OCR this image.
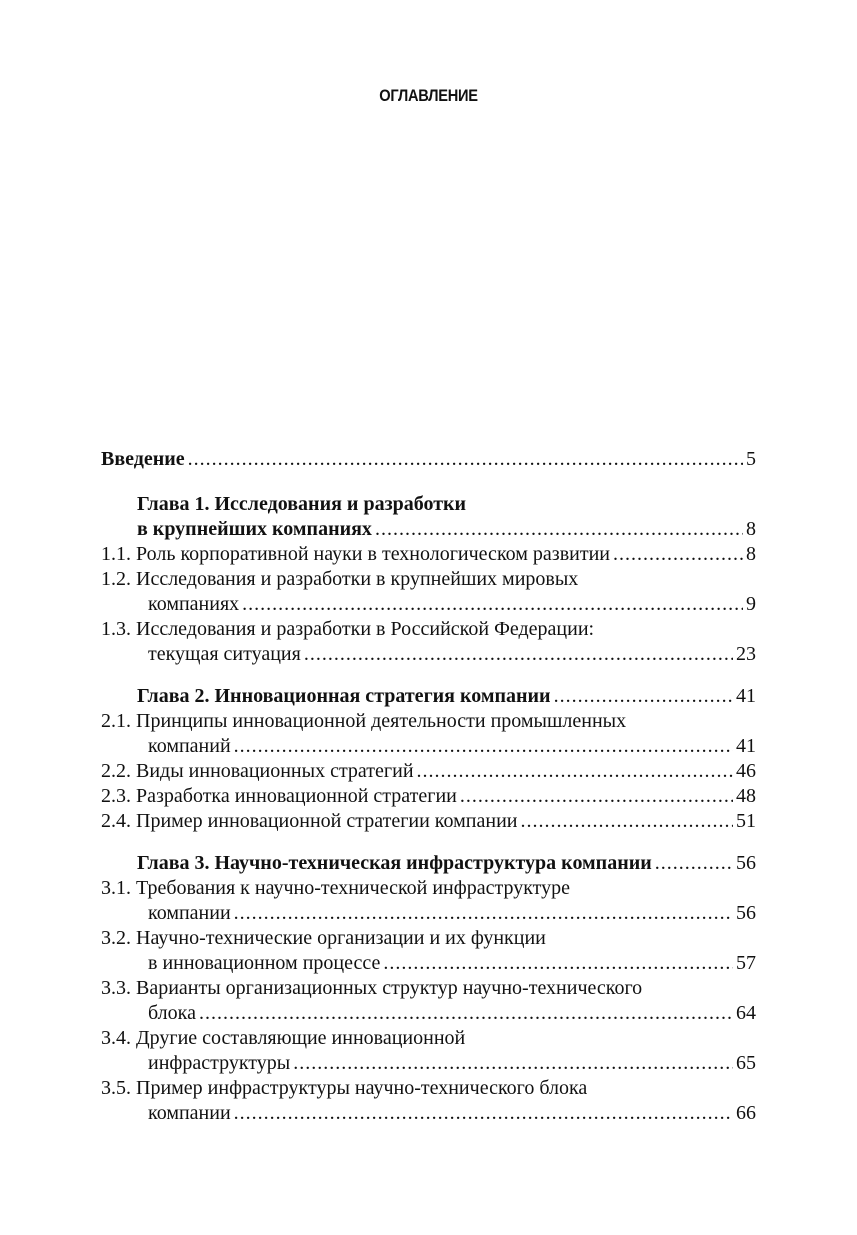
ОГЛАВЛЕНИЕ
Введение .....	5
Глава 1. Исследования и разработки
в крупнейших компаниях .....	8
1.1. Роль корпоративной науки в технологическом развитии .....	8
1.2. Исследования и разработки в крупнейших мировых
компаниях .....	9
1.3. Исследования и разработки в Российской Федерации:
текущая ситуация .....	23
Глава 2. Инновационная стратегия компании .....	41
2.1. Принципы инновационной деятельности промышленных
компаний .....	41
2.2. Виды инновационных стратегий .....	46
2.3. Разработка инновационной стратегии .....	48
2.4. Пример инновационной стратегии компании .....	51
Глава 3. Научно-техническая инфраструктура компании .....	56
3.1. Требования к научно-технической инфраструктуре
компании .....	56
3.2. Научно-технические организации и их функции
в инновационном процессе .....	57
3.3. Варианты организационных структур научно-технического
блока .....	64
3.4. Другие составляющие инновационной
инфраструктуры .....	65
3.5. Пример инфраструктуры научно-технического блока
компании .....	66
